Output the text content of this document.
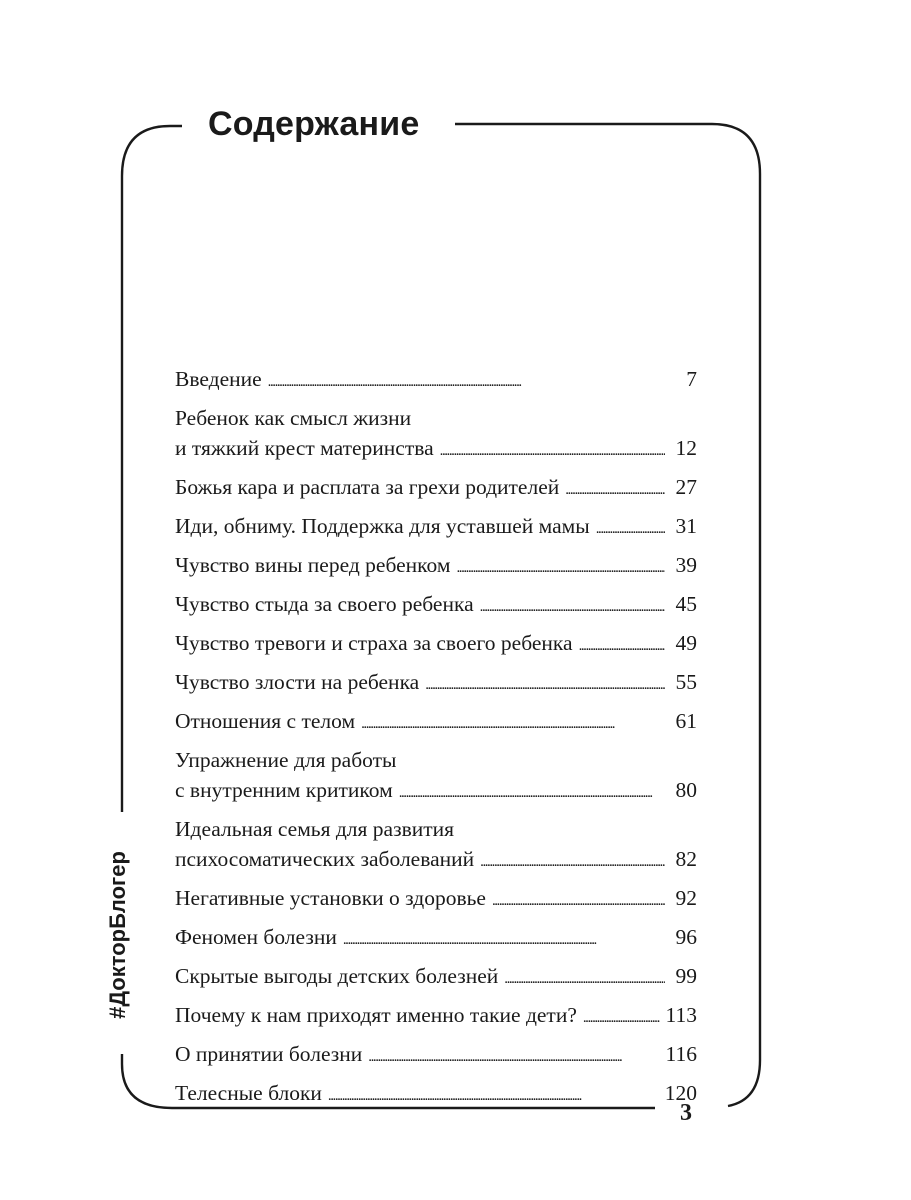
Содержание
#ДокторБлогер
3
Введение . . .	7
Ребенок как смысл жизни
и тяжкий крест материнства . . .	12
Божья кара и расплата за грехи родителей . . .	27
Иди, обниму. Поддержка для уставшей мамы . . .	31
Чувство вины перед ребенком . . .	39
Чувство стыда за своего ребенка . . .	45
Чувство тревоги и страха за своего ребенка . . .	49
Чувство злости на ребенка . . .	55
Отношения с телом . . .	61
Упражнение для работы
с внутренним критиком . . .	80
Идеальная семья для развития
психосоматических заболеваний . . .	82
Негативные установки о здоровье . . .	92
Феномен болезни . . .	96
Скрытые выгоды детских болезней . . .	99
Почему к нам приходят именно такие дети? . . .	113
О принятии болезни . . .	116
Телесные блоки . . .	120
